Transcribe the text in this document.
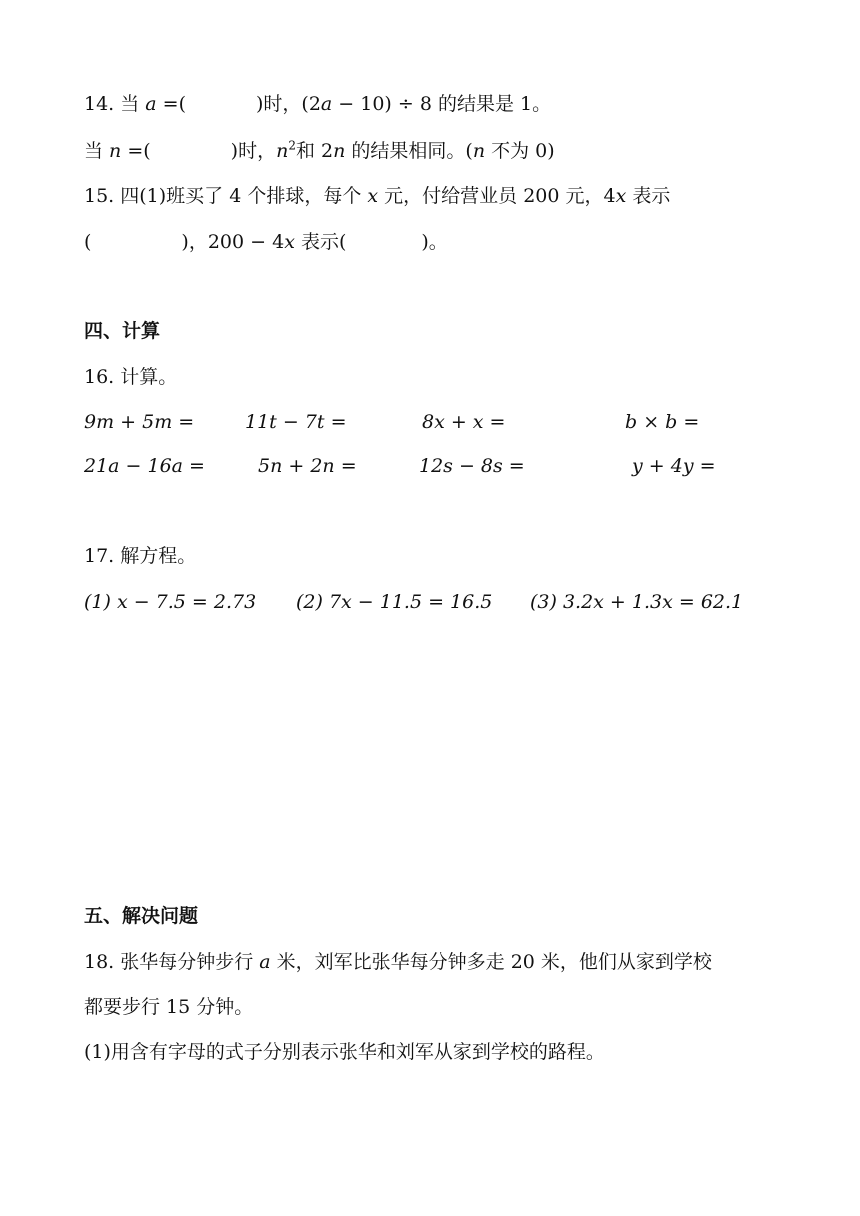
14. 当 a =(	)时，(2a − 10) ÷ 8 的结果是 1。
当 n =(	)时，$n^2$和 2n 的结果相同。(n 不为 0)
15. 四(1)班买了 4 个排球，每个 x 元，付给营业员 200 元，4x 表示
(	)，200 − 4x 表示(	)。
四、计算
16. 计算。
9m + 5m =	11t − 7t =	8x + x =	b × b =
21a − 16a =	5n + 2n =	12s − 8s =	y + 4y =
17. 解方程。
(1) x − 7.5 = 2.73 (2) 7x − 11.5 = 16.5 (3) 3.2x + 1.3x = 62.1
五、解决问题
18. 张华每分钟步行 a 米，刘军比张华每分钟多走 20 米，他们从家到学校
都要步行 15 分钟。
(1)用含有字母的式子分别表示张华和刘军从家到学校的路程。
